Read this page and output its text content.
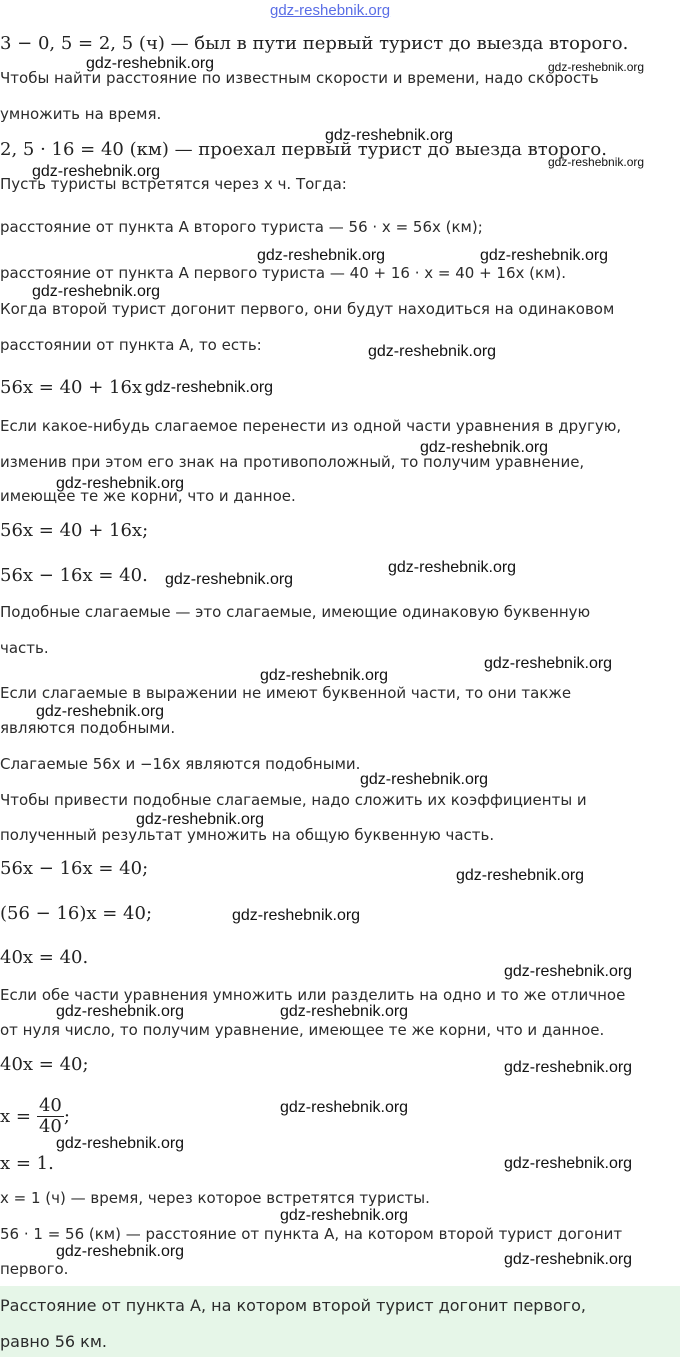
3 − 0, 5 = 2, 5 (ч) — был в пути первый турист до выезда второго.
Чтобы найти расстояние по известным скорости и времени, надо скорость
умножить на время.
2, 5 · 16 = 40 (км) — проехал первый турист до выезда второго.
Пусть туристы встретятся через x ч. Тогда:
расстояние от пункта A второго туриста — 56 · x = 56x (км);
расстояние от пункта A первого туриста — 40 + 16 · x = 40 + 16x (км).
Когда второй турист догонит первого, они будут находиться на одинаковом
расстоянии от пункта A, то есть:
56x = 40 + 16x
Если какое-нибудь слагаемое перенести из одной части уравнения в другую,
изменив при этом его знак на противоположный, то получим уравнение,
имеющее те же корни, что и данное.
56x = 40 + 16x;
56x − 16x = 40.
Подобные слагаемые — это слагаемые, имеющие одинаковую буквенную
часть.
Если слагаемые в выражении не имеют буквенной части, то они также
являются подобными.
Слагаемые 56x и −16x являются подобными.
Чтобы привести подобные слагаемые, надо сложить их коэффициенты и
полученный результат умножить на общую буквенную часть.
56x − 16x = 40;
(56 − 16)x = 40;
40x = 40.
Если обе части уравнения умножить или разделить на одно и то же отличное
от нуля число, то получим уравнение, имеющее те же корни, что и данное.
40x = 40;
$x = \frac{40}{40}$ ;
x = 1.
x = 1 (ч) — время, через которое встретятся туристы.
56 · 1 = 56 (км) — расстояние от пункта A, на котором второй турист догонит
первого.
Расстояние от пункта A, на котором второй турист догонит первого,
равно 56 км.
gdz-reshebnik.org
gdz-reshebnik.org	gdz-reshebnik.org
gdz-reshebnik.org
gdz-reshebnik.org
gdz-reshebnik.org
gdz-reshebnik.org	gdz-reshebnik.org
gdz-reshebnik.org
gdz-reshebnik.org
gdz-reshebnik.org
gdz-reshebnik.org
gdz-reshebnik.org
gdz-reshebnik.org
gdz-reshebnik.org
gdz-reshebnik.org
gdz-reshebnik.org
gdz-reshebnik.org
gdz-reshebnik.org
gdz-reshebnik.org
gdz-reshebnik.org
gdz-reshebnik.org
gdz-reshebnik.org
gdz-reshebnik.org	gdz-reshebnik.org
gdz-reshebnik.org
gdz-reshebnik.org
gdz-reshebnik.org
gdz-reshebnik.org
gdz-reshebnik.org
gdz-reshebnik.org	gdz-reshebnik.org
